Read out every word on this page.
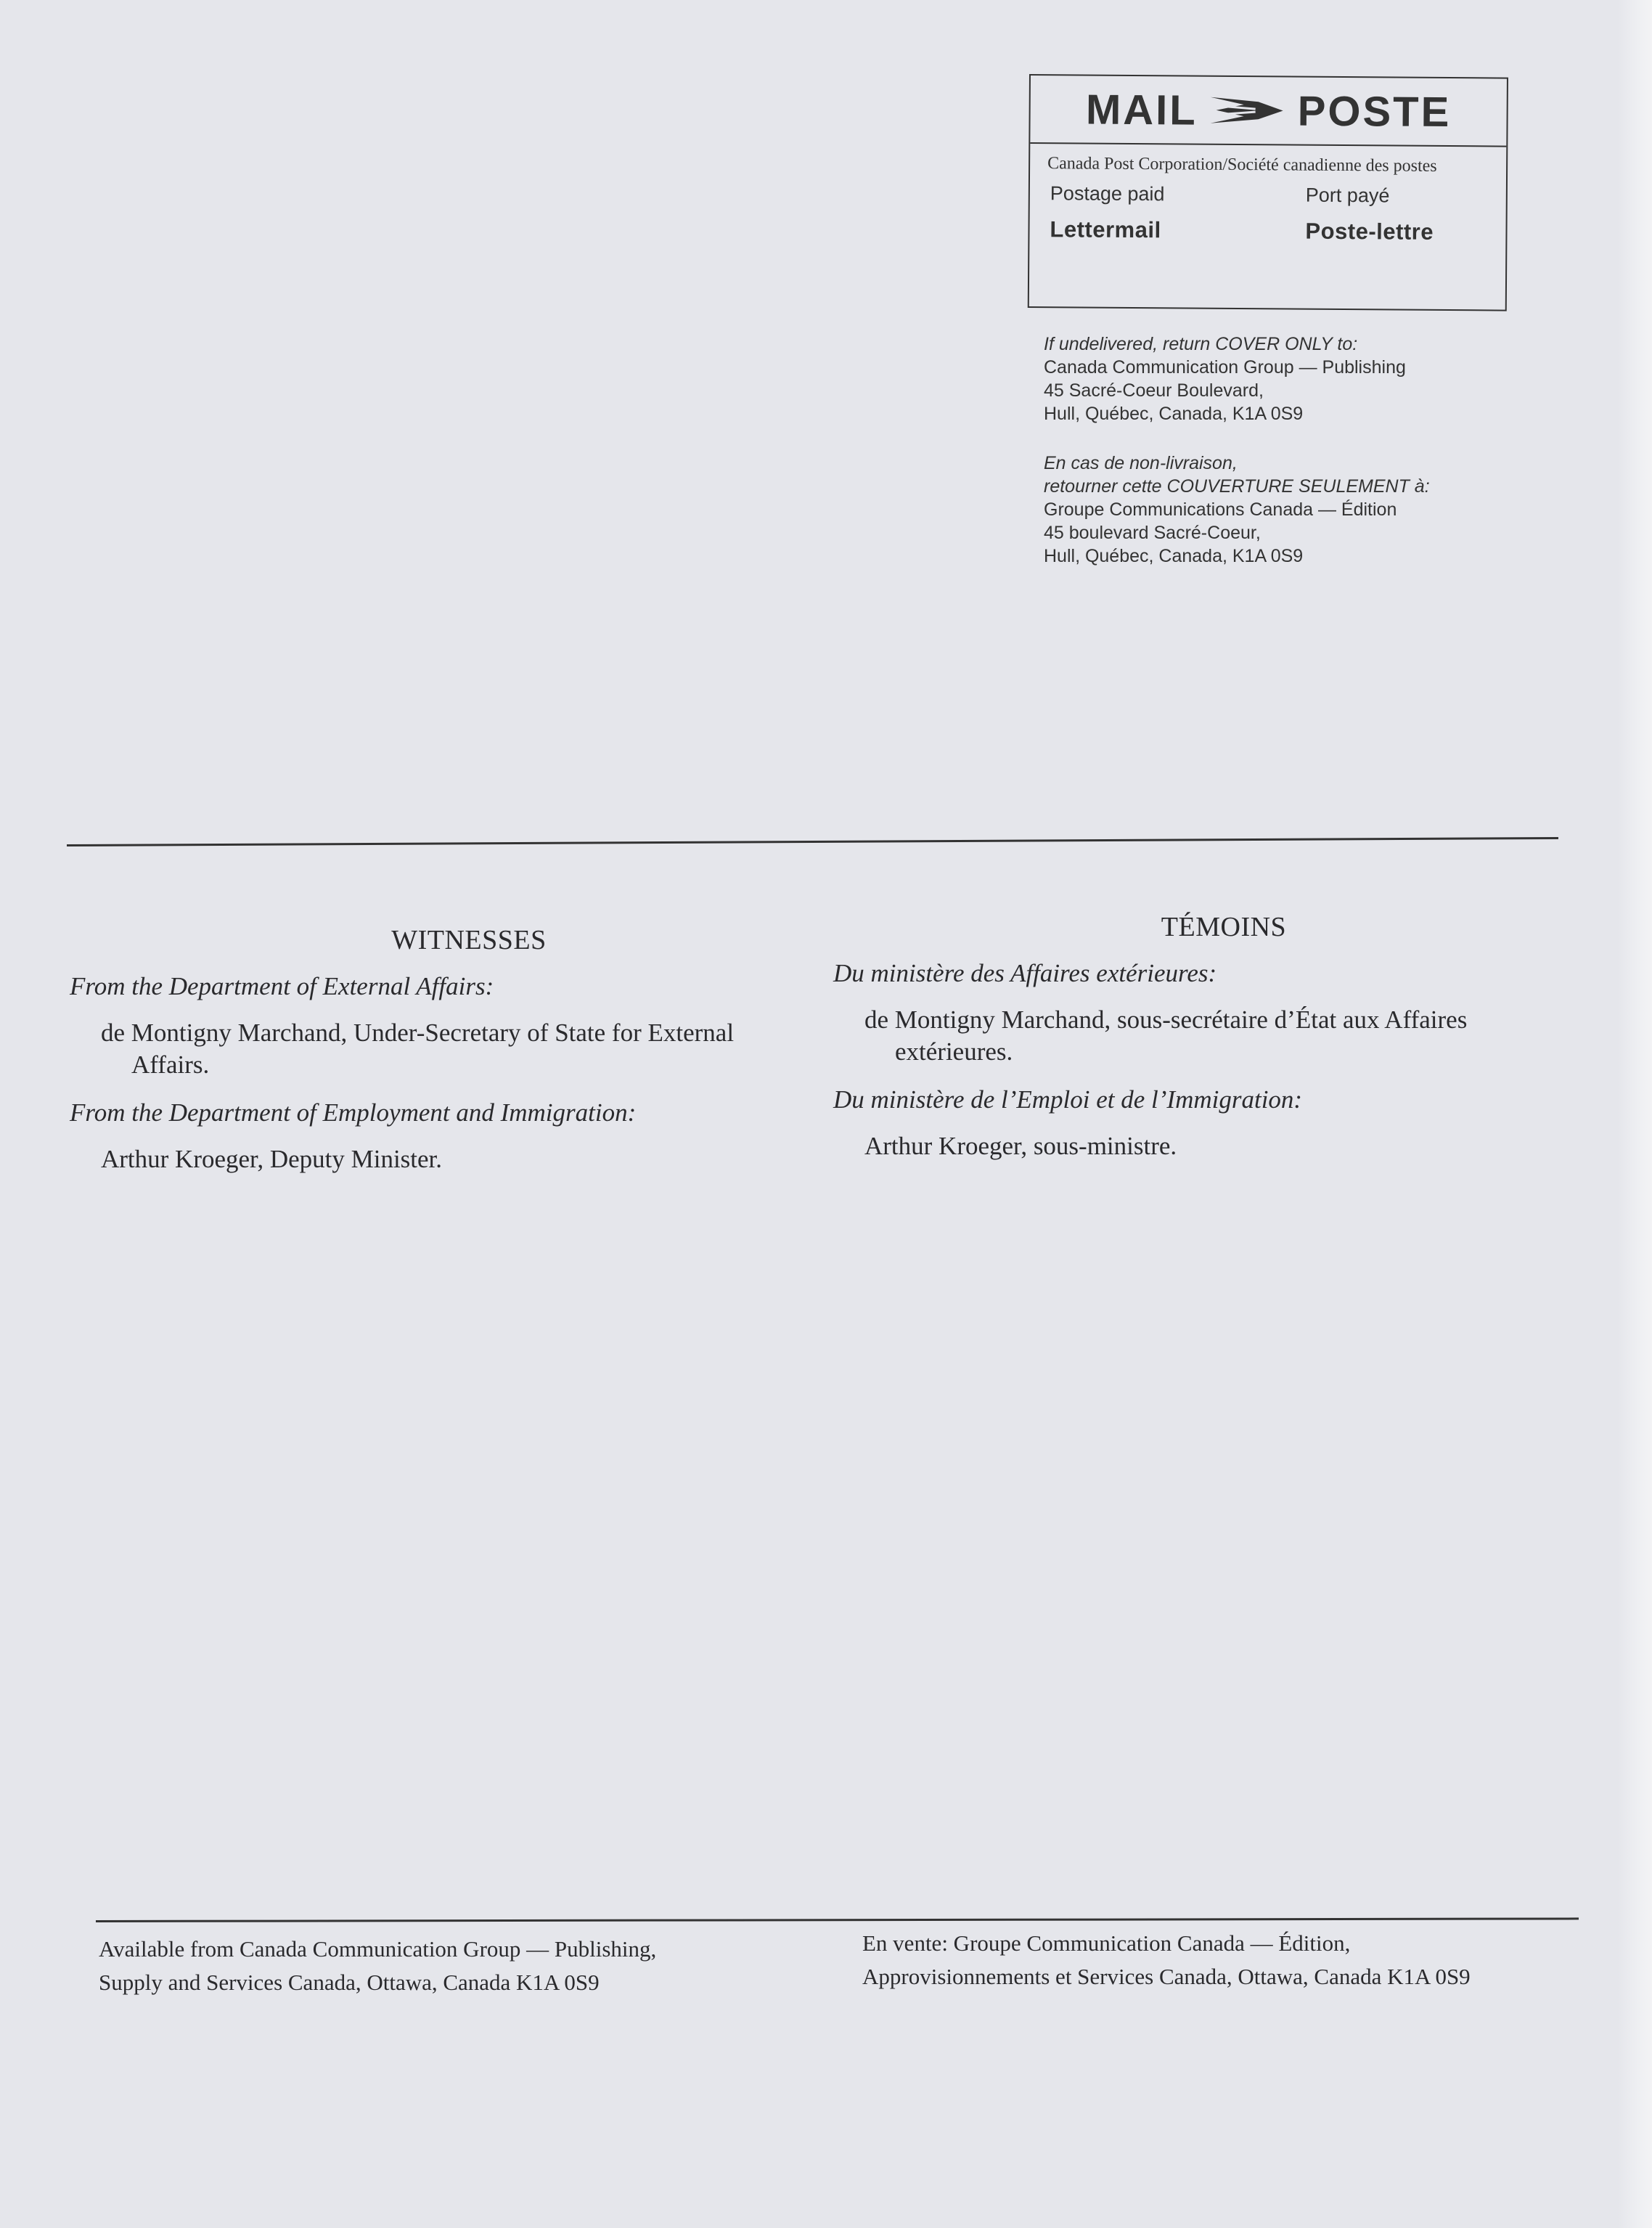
MAIL POSTE
Canada Post Corporation/Société canadienne des postes
Postage paid	Port payé
Lettermail	Poste-lettre
If undelivered, return COVER ONLY to:
Canada Communication Group — Publishing
45 Sacré-Coeur Boulevard,
Hull, Québec, Canada, K1A 0S9
En cas de non-livraison,
retourner cette COUVERTURE SEULEMENT à:
Groupe Communications Canada — Édition
45 boulevard Sacré-Coeur,
Hull, Québec, Canada, K1A 0S9
WITNESSES
From the Department of External Affairs:
de Montigny Marchand, Under-Secretary of State for External Affairs.
From the Department of Employment and Immigration:
Arthur Kroeger, Deputy Minister.
TÉMOINS
Du ministère des Affaires extérieures:
de Montigny Marchand, sous-secrétaire d’État aux Affaires extérieures.
Du ministère de l’Emploi et de l’Immigration:
Arthur Kroeger, sous-ministre.
Available from Canada Communication Group — Publishing,
Supply and Services Canada, Ottawa, Canada K1A 0S9
En vente: Groupe Communication Canada — Édition,
Approvisionnements et Services Canada, Ottawa, Canada K1A 0S9
